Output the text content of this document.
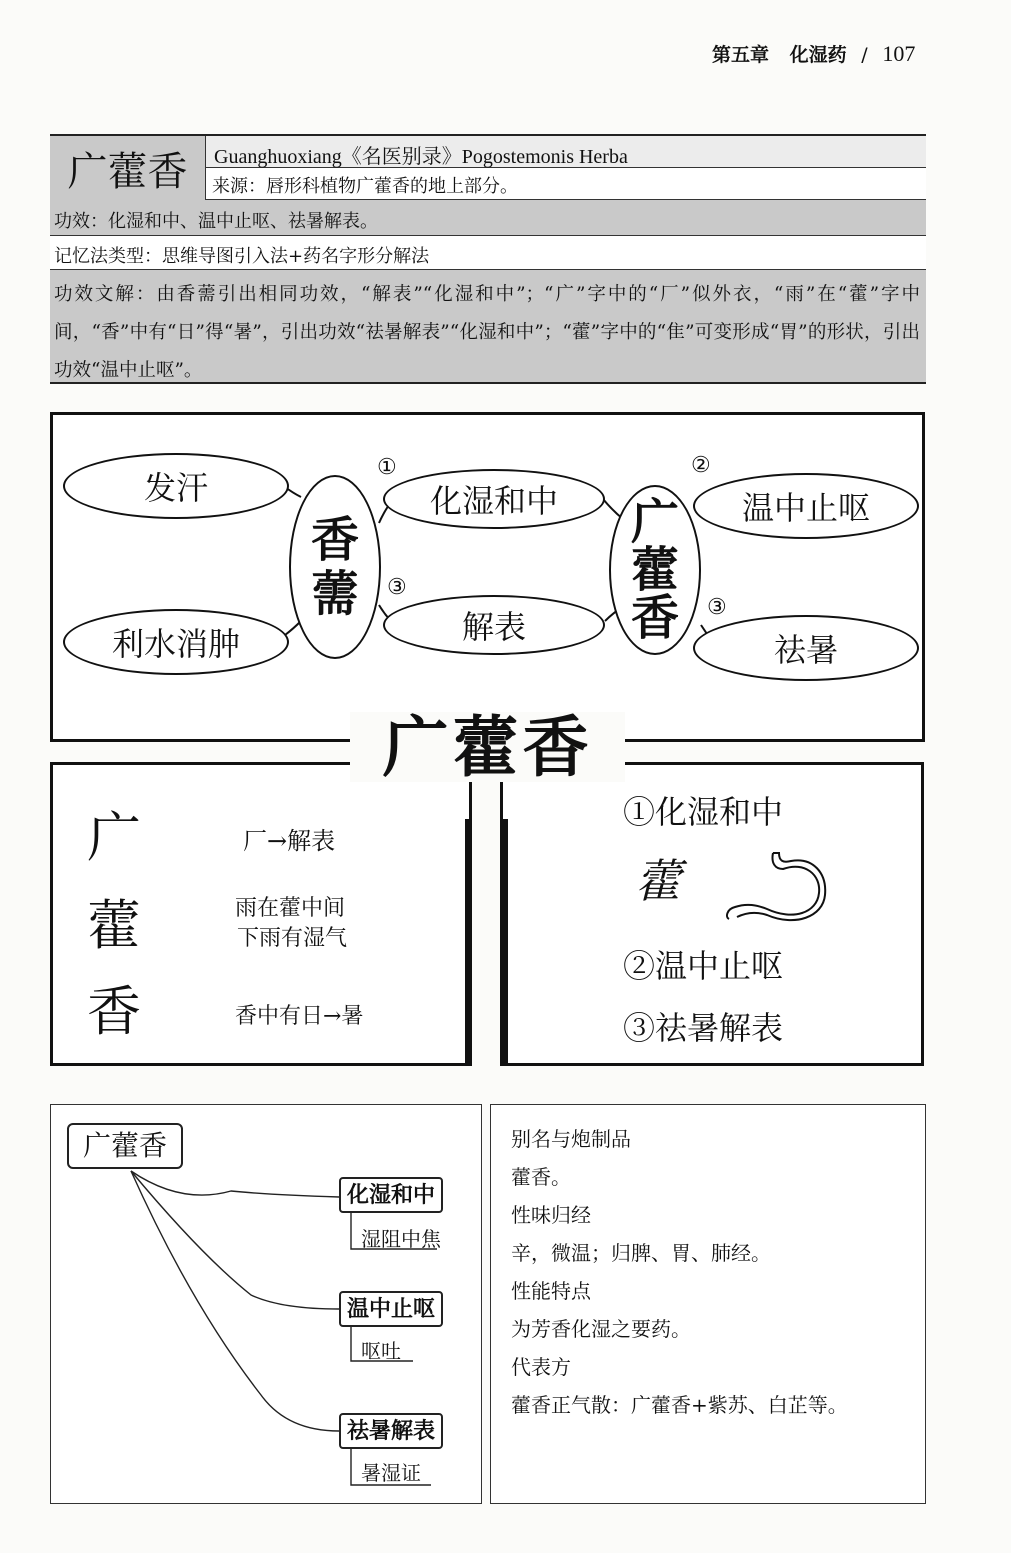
第五章 化湿药 / 107
广藿香	Guanghuoxiang《名医别录》Pogostemonis Herba
来源：唇形科植物广藿香的地上部分。
功效：化湿和中、温中止呕、祛暑解表。
记忆法类型：思维导图引入法+药名字形分解法
功效文解：由香薷引出相同功效，“解表”“化湿和中”；“广”字中的“厂”似外衣，“雨”在“藿”字中间，“香”中有“日”得“暑”，引出功效“祛暑解表”“化湿和中”；“藿”字中的“隹”可变形成“胃”的形状，引出功效“温中止呕”。
发汗
利水消肿
香
薷
化湿和中
解表
广
藿
香
温中止呕
祛暑
①
③
②
③
广
藿
香
厂→解表
雨在藿中间
下雨有湿气
香中有日→暑
①化湿和中
藿
②温中止呕
③祛暑解表
广藿香
广藿香
化湿和中
湿阻中焦
温中止呕
呕吐
祛暑解表
暑湿证
别名与炮制品
藿香。
性味归经
辛，微温；归脾、胃、肺经。
性能特点
为芳香化湿之要药。
代表方
藿香正气散：广藿香+紫苏、白芷等。
